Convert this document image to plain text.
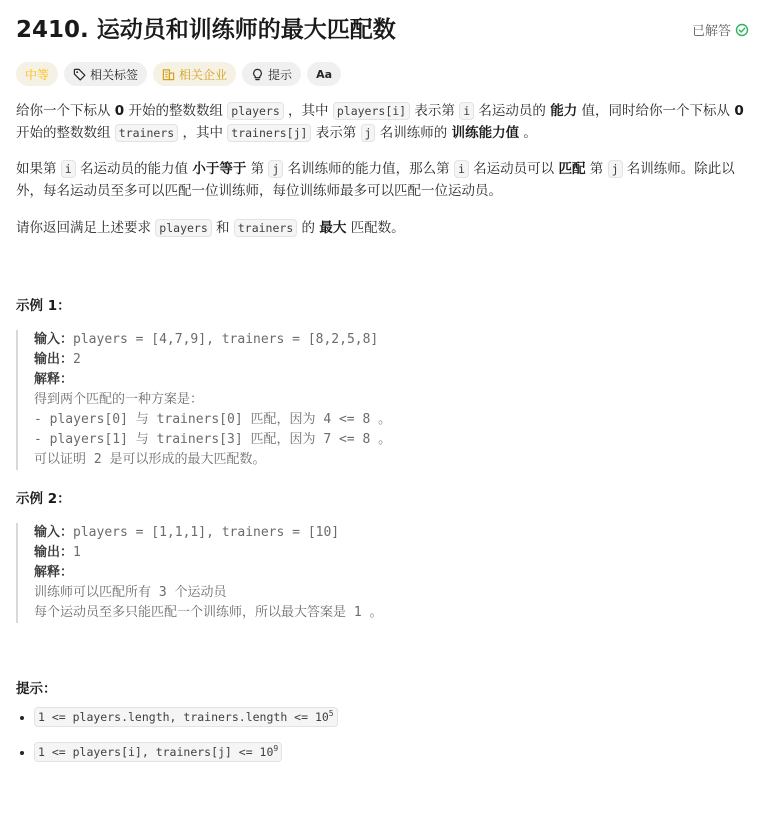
2410. 运动员和训练师的最大匹配数	已解答
中等	相关标签	相关企业	提示 Aa

给你一个下标从 0 开始的整数数组 players ，其中 players[i] 表示第 i 名运动员的 能力 值，同时给你一个下标从 0 开始的整数数组 trainers ，其中 trainers[j] 表示第 j 名训练师的 训练能力值 。

如果第 i 名运动员的能力值 小于等于 第 j 名训练师的能力值，那么第 i 名运动员可以 匹配 第 j 名训练师。除此以外，每名运动员至多可以匹配一位训练师，每位训练师最多可以匹配一位运动员。

请你返回满足上述要求 players 和 trainers 的 最大 匹配数。

示例 1：
输入：players = [4,7,9], trainers = [8,2,5,8]
输出：2
解释：
得到两个匹配的一种方案是：
- players[0] 与 trainers[0] 匹配，因为 4 <= 8 。
- players[1] 与 trainers[3] 匹配，因为 7 <= 8 。
可以证明 2 是可以形成的最大匹配数。
示例 2：
输入：players = [1,1,1], trainers = [10]
输出：1
解释：
训练师可以匹配所有 3 个运动员
每个运动员至多只能匹配一个训练师，所以最大答案是 1 。
提示：
• 1 <= players.length, trainers.length <= $10^5$
• 1 <= players[i], trainers[j] <= $10^9$
